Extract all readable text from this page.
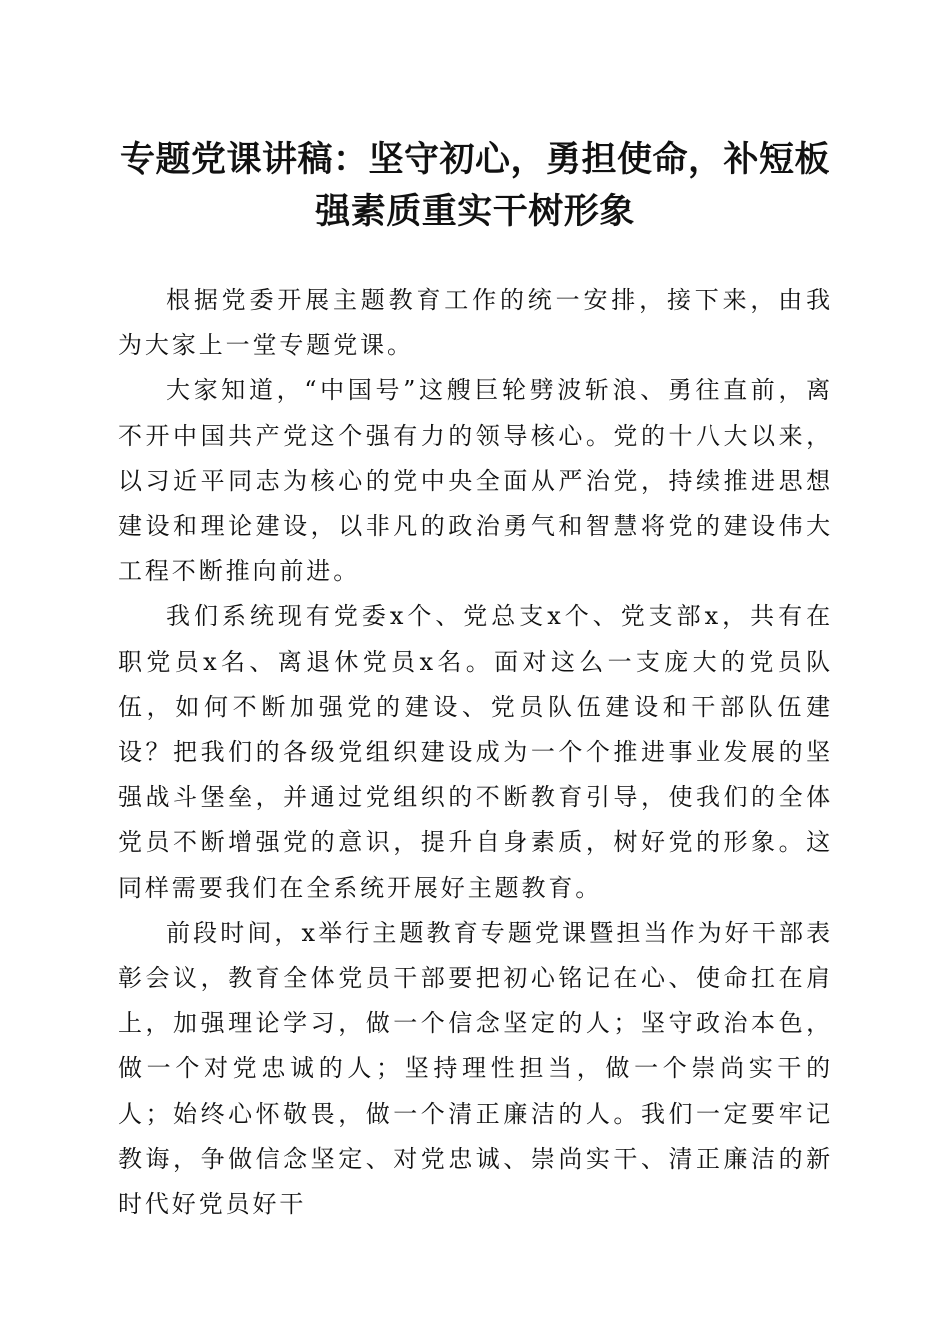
专题党课讲稿：坚守初心，勇担使命，补短板
强素质重实干树形象

根据党委开展主题教育工作的统一安排，接下来，由我为大家上一堂专题党课。

大家知道，“中国号”这艘巨轮劈波斩浪、勇往直前，离不开中国共产党这个强有力的领导核心。党的十八大以来，以习近平同志为核心的党中央全面从严治党，持续推进思想建设和理论建设，以非凡的政治勇气和智慧将党的建设伟大工程不断推向前进。

我们系统现有党委x个、党总支x个、党支部x，共有在职党员x名、离退休党员x名。面对这么一支庞大的党员队伍，如何不断加强党的建设、党员队伍建设和干部队伍建设？把我们的各级党组织建设成为一个个推进事业发展的坚强战斗堡垒，并通过党组织的不断教育引导，使我们的全体党员不断增强党的意识，提升自身素质，树好党的形象。这同样需要我们在全系统开展好主题教育。

前段时间，x举行主题教育专题党课暨担当作为好干部表彰会议，教育全体党员干部要把初心铭记在心、使命扛在肩上，加强理论学习，做一个信念坚定的人；坚守政治本色，做一个对党忠诚的人；坚持理性担当，做一个崇尚实干的人；始终心怀敬畏，做一个清正廉洁的人。我们一定要牢记教诲，争做信念坚定、对党忠诚、崇尚实干、清正廉洁的新时代好党员好干
